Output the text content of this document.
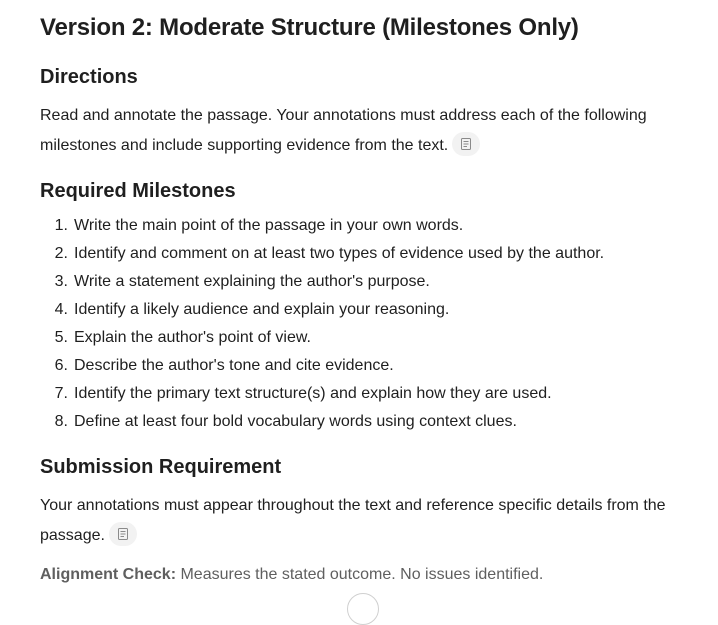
Version 2: Moderate Structure (Milestones Only)
Directions

Read and annotate the passage. Your annotations must address each of the following milestones and include supporting evidence from the text.

Required Milestones
1. Write the main point of the passage in your own words.
2. Identify and comment on at least two types of evidence used by the author.
3. Write a statement explaining the author's purpose.
4. Identify a likely audience and explain your reasoning.
5. Explain the author's point of view.
6. Describe the author's tone and cite evidence.
7. Identify the primary text structure(s) and explain how they are used.
8. Define at least four bold vocabulary words using context clues.
Submission Requirement

Your annotations must appear throughout the text and reference specific details from the passage.

Alignment Check: Measures the stated outcome. No issues identified.
